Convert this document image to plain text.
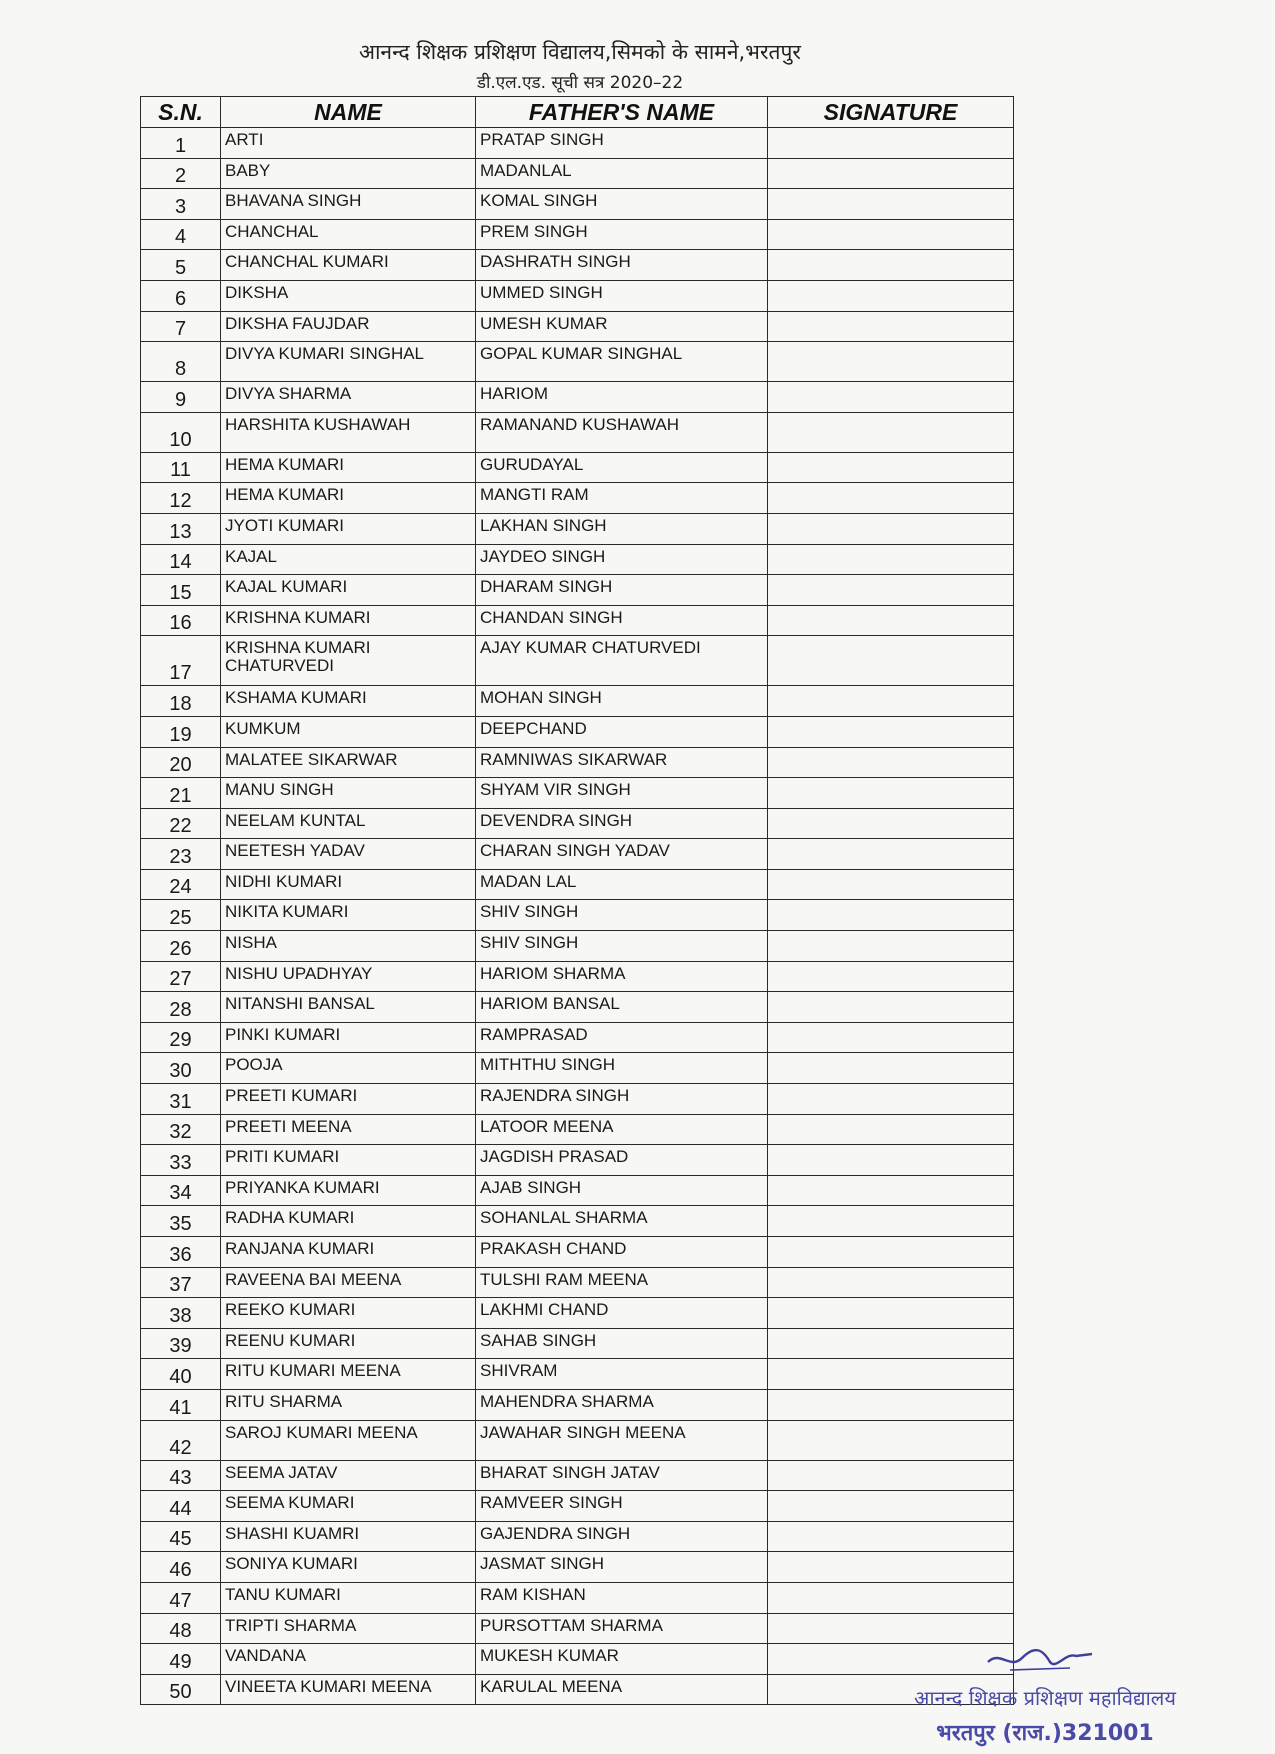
आनन्द शिक्षक प्रशिक्षण विद्यालय,सिमको के सामने,भरतपुर
डी.एल.एड. सूची सत्र 2020–22
S.N.	NAME	FATHER'S NAME	SIGNATURE
1	ARTI	PRATAP SINGH	
2	BABY	MADANLAL	
3	BHAVANA SINGH	KOMAL SINGH	
4	CHANCHAL	PREM SINGH	
5	CHANCHAL KUMARI	DASHRATH SINGH	
6	DIKSHA	UMMED SINGH	
7	DIKSHA FAUJDAR	UMESH KUMAR	
8	DIVYA KUMARI SINGHAL	GOPAL KUMAR SINGHAL	
9	DIVYA SHARMA	HARIOM	
10	HARSHITA KUSHAWAH	RAMANAND KUSHAWAH	
11	HEMA KUMARI	GURUDAYAL	
12	HEMA KUMARI	MANGTI RAM	
13	JYOTI KUMARI	LAKHAN SINGH	
14	KAJAL	JAYDEO SINGH	
15	KAJAL KUMARI	DHARAM SINGH	
16	KRISHNA KUMARI	CHANDAN SINGH	
17	KRISHNA KUMARI CHATURVEDI	AJAY KUMAR CHATURVEDI	
18	KSHAMA KUMARI	MOHAN SINGH	
19	KUMKUM	DEEPCHAND	
20	MALATEE SIKARWAR	RAMNIWAS SIKARWAR	
21	MANU SINGH	SHYAM VIR SINGH	
22	NEELAM KUNTAL	DEVENDRA SINGH	
23	NEETESH YADAV	CHARAN SINGH YADAV	
24	NIDHI KUMARI	MADAN LAL	
25	NIKITA KUMARI	SHIV SINGH	
26	NISHA	SHIV SINGH	
27	NISHU UPADHYAY	HARIOM SHARMA	
28	NITANSHI BANSAL	HARIOM BANSAL	
29	PINKI KUMARI	RAMPRASAD	
30	POOJA	MITHTHU SINGH	
31	PREETI KUMARI	RAJENDRA SINGH	
32	PREETI MEENA	LATOOR MEENA	
33	PRITI KUMARI	JAGDISH PRASAD	
34	PRIYANKA KUMARI	AJAB SINGH	
35	RADHA KUMARI	SOHANLAL SHARMA	
36	RANJANA KUMARI	PRAKASH CHAND	
37	RAVEENA BAI MEENA	TULSHI RAM MEENA	
38	REEKO KUMARI	LAKHMI CHAND	
39	REENU KUMARI	SAHAB SINGH	
40	RITU KUMARI MEENA	SHIVRAM	
41	RITU SHARMA	MAHENDRA SHARMA	
42	SAROJ KUMARI MEENA	JAWAHAR SINGH MEENA	
43	SEEMA JATAV	BHARAT SINGH JATAV	
44	SEEMA KUMARI	RAMVEER SINGH	
45	SHASHI KUAMRI	GAJENDRA SINGH	
46	SONIYA KUMARI	JASMAT SINGH	
47	TANU KUMARI	RAM KISHAN	
48	TRIPTI SHARMA	PURSOTTAM SHARMA	
49	VANDANA	MUKESH KUMAR	
50	VINEETA KUMARI MEENA	KARULAL MEENA		आनन्द शिक्षक प्रशिक्षण महाविद्यालय
भरतपुर (राज.)321001
